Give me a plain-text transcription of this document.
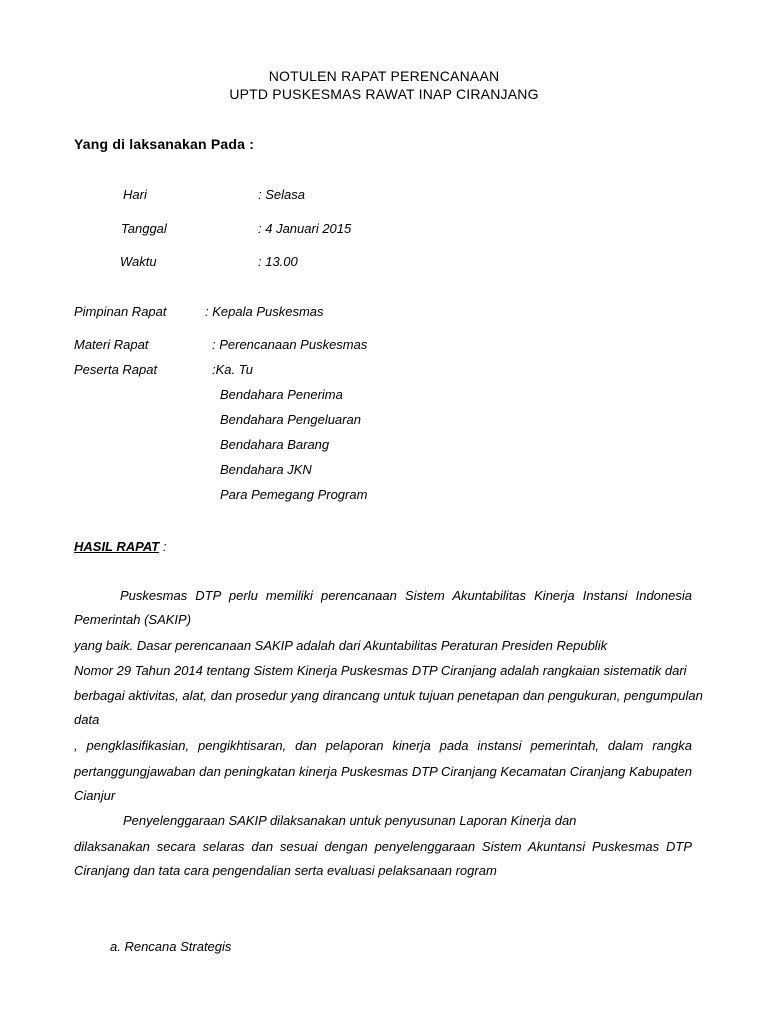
NOTULEN RAPAT PERENCANAAN
UPTD PUSKESMAS RAWAT INAP CIRANJANG
Yang di laksanakan Pada :
Hari	: Selasa
Tanggal	: 4 Januari 2015
Waktu	: 13.00
Pimpinan Rapat	: Kepala Puskesmas
Materi Rapat	: Perencanaan Puskesmas
Peserta Rapat	:Ka. Tu
Bendahara Penerima
Bendahara Pengeluaran
Bendahara Barang
Bendahara JKN
Para Pemegang Program
HASIL RAPAT :
Puskesmas DTP perlu memiliki perencanaan Sistem Akuntabilitas Kinerja Instansi Indonesia
Pemerintah (SAKIP)
yang baik. Dasar perencanaan SAKIP adalah dari Akuntabilitas Peraturan Presiden Republik
Nomor 29 Tahun 2014 tentang Sistem Kinerja Puskesmas DTP Ciranjang adalah rangkaian sistematik dari
berbagai aktivitas, alat, dan prosedur yang dirancang untuk tujuan penetapan dan pengukuran, pengumpulan
data
, pengklasifikasian, pengikhtisaran, dan pelaporan kinerja pada instansi pemerintah, dalam rangka
pertanggungjawaban dan peningkatan kinerja Puskesmas DTP Ciranjang Kecamatan Ciranjang Kabupaten
Cianjur
Penyelenggaraan SAKIP dilaksanakan untuk penyusunan Laporan Kinerja dan
dilaksanakan secara selaras dan sesuai dengan penyelenggaraan Sistem Akuntansi Puskesmas DTP
Ciranjang dan tata cara pengendalian serta evaluasi pelaksanaan rogram
a. Rencana Strategis
